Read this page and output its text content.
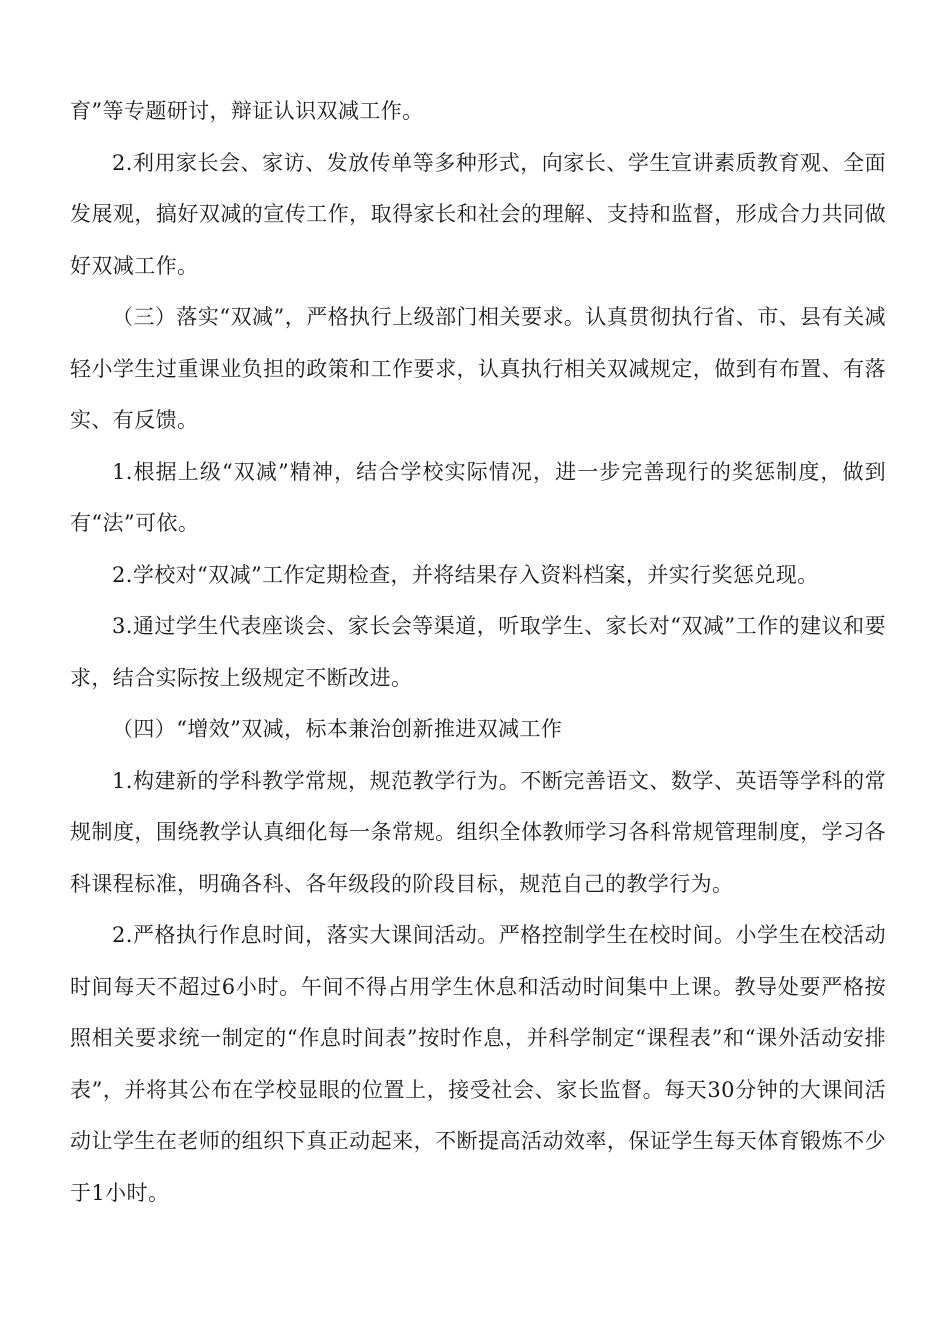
育”等专题研讨，辩证认识双减工作。

2.利用家长会、家访、发放传单等多种形式，向家长、学生宣讲素质教育观、全面发展观，搞好双减的宣传工作，取得家长和社会的理解、支持和监督，形成合力共同做好双减工作。

（三）落实“双减”，严格执行上级部门相关要求。认真贯彻执行省、市、县有关减轻小学生过重课业负担的政策和工作要求，认真执行相关双减规定，做到有布置、有落实、有反馈。

1.根据上级“双减”精神，结合学校实际情况，进一步完善现行的奖惩制度，做到有“法”可依。

2.学校对“双减”工作定期检查，并将结果存入资料档案，并实行奖惩兑现。

3.通过学生代表座谈会、家长会等渠道，听取学生、家长对“双减”工作的建议和要求，结合实际按上级规定不断改进。

（四）“增效”双减，标本兼治创新推进双减工作

1.构建新的学科教学常规，规范教学行为。不断完善语文、数学、英语等学科的常规制度，围绕教学认真细化每一条常规。组织全体教师学习各科常规管理制度，学习各科课程标准，明确各科、各年级段的阶段目标，规范自己的教学行为。

2.严格执行作息时间，落实大课间活动。严格控制学生在校时间。小学生在校活动时间每天不超过6小时。午间不得占用学生休息和活动时间集中上课。教导处要严格按照相关要求统一制定的“作息时间表”按时作息，并科学制定“课程表”和“课外活动安排表”，并将其公布在学校显眼的位置上，接受社会、家长监督。每天30分钟的大课间活动让学生在老师的组织下真正动起来，不断提高活动效率，保证学生每天体育锻炼不少于1小时。
